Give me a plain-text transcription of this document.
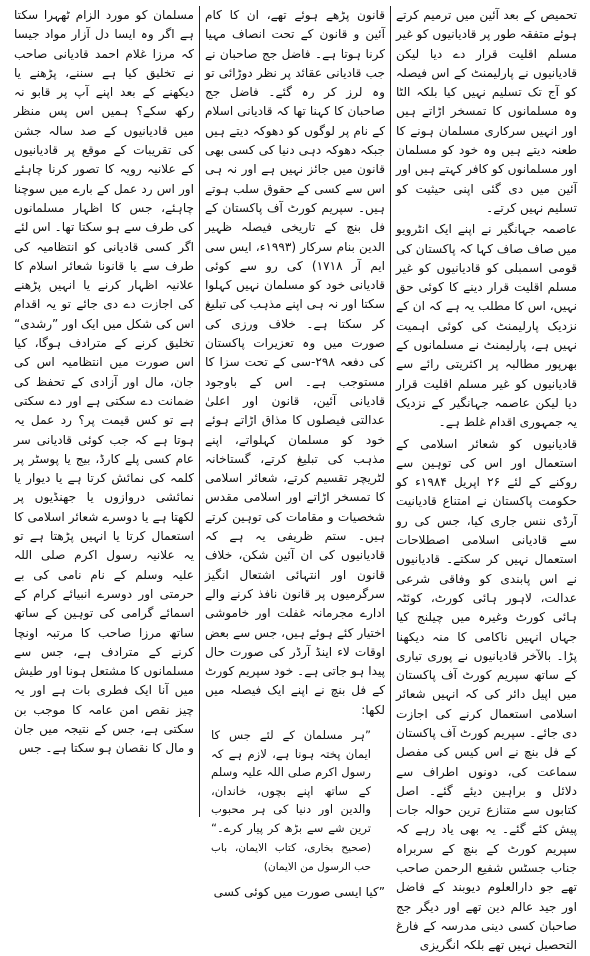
تحمیص کے بعد آئین میں ترمیم کرتے ہوئے متفقہ طور پر قادیانیوں کو غیر مسلم اقلیت قرار دے دیا لیکن قادیانیوں نے پارلیمنٹ کے اس فیصلہ کو آج تک تسلیم نہیں کیا بلکہ الٹا وہ مسلمانوں کا تمسخر اڑاتے ہیں اور انہیں سرکاری مسلمان ہونے کا طعنہ دیتے ہیں وہ خود کو مسلمان اور مسلمانوں کو کافر کہتے ہیں اور آئین میں دی گئی اپنی حیثیت کو تسلیم نہیں کرتے۔

عاصمہ جہانگیر نے اپنے ایک انٹرویو میں صاف صاف کہا کہ پاکستان کی قومی اسمبلی کو قادیانیوں کو غیر مسلم اقلیت قرار دینے کا کوئی حق نہیں، اس کا مطلب یہ ہے کہ ان کے نزدیک پارلیمنٹ کی کوئی اہمیت نہیں ہے، پارلیمنٹ نے مسلمانوں کے بھرپور مطالبہ پر اکثریتی رائے سے قادیانیوں کو غیر مسلم اقلیت قرار دیا لیکن عاصمہ جہانگیر کے نزدیک یہ جمہوری اقدام غلط ہے۔

قادیانیوں کو شعائر اسلامی کے استعمال اور اس کی توہین سے روکنے کے لئے ۲۶ اپریل ۱۹۸۴ء کو حکومت پاکستان نے امتناع قادیانیت آرڈی ننس جاری کیا، جس کی رو سے قادیانی اسلامی اصطلاحات استعمال نہیں کر سکتے۔ قادیانیوں نے اس پابندی کو وفاقی شرعی عدالت، لاہور ہائی کورٹ، کوئٹہ ہائی کورٹ وغیرہ میں چیلنج کیا جہاں انہیں ناکامی کا منہ دیکھنا پڑا۔ بالآخر قادیانیوں نے پوری تیاری کے ساتھ سپریم کورٹ آف پاکستان میں اپیل دائر کی کہ انہیں شعائر اسلامی استعمال کرنے کی اجازت دی جائے۔ سپریم کورٹ آف پاکستان کے فل بنچ نے اس کیس کی مفصل سماعت کی، دونوں اطراف سے دلائل و براہین دیئے گئے۔ اصل کتابوں سے متنازع ترین حوالہ جات پیش کئے گئے۔ یہ بھی یاد رہے کہ سپریم کورٹ کے بنچ کے سربراہ جناب جسٹس شفیع الرحمن صاحب تھے جو دارالعلوم دیوبند کے فاضل اور جید عالم دین تھے اور دیگر جج صاحبان کسی دینی مدرسہ کے فارغ التحصیل نہیں تھے بلکہ انگریزی

قانون پڑھے ہوئے تھے، ان کا کام آئین و قانون کے تحت انصاف مہیا کرنا ہوتا ہے۔ فاضل جج صاحبان نے جب قادیانی عقائد پر نظر دوڑائی تو وہ لرز کر رہ گئے۔ فاضل جج صاحبان کا کہنا تھا کہ قادیانی اسلام کے نام پر لوگوں کو دھوکہ دیتے ہیں جبکہ دھوکہ دہی دنیا کی کسی بھی قانون میں جائز نہیں ہے اور نہ ہی اس سے کسی کے حقوق سلب ہوتے ہیں۔ سپریم کورٹ آف پاکستان کے فل بنچ کے تاریخی فیصلہ ظہیر الدین بنام سرکار (۱۹۹۳ء، ایس سی ایم آر ۱۷۱۸) کی رو سے کوئی قادیانی خود کو مسلمان نہیں کہلوا سکتا اور نہ ہی اپنے مذہب کی تبلیغ کر سکتا ہے۔ خلاف ورزی کی صورت میں وہ تعزیرات پاکستان کی دفعہ ۲۹۸-سی کے تحت سزا کا مستوجب ہے۔ اس کے باوجود قادیانی آئین، قانون اور اعلیٰ عدالتی فیصلوں کا مذاق اڑاتے ہوئے خود کو مسلمان کہلواتے، اپنے مذہب کی تبلیغ کرتے، گستاخانہ لٹریچر تقسیم کرتے، شعائر اسلامی کا تمسخر اڑاتے اور اسلامی مقدس شخصیات و مقامات کی توہین کرتے ہیں۔ ستم ظریفی یہ ہے کہ قادیانیوں کی ان آئین شکن، خلاف قانون اور انتہائی اشتعال انگیز سرگرمیوں پر قانون نافذ کرنے والے ادارے مجرمانہ غفلت اور خاموشی اختیار کئے ہوئے ہیں، جس سے بعض اوقات لاء اینڈ آرڈر کی صورت حال پیدا ہو جاتی ہے۔ خود سپریم کورٹ کے فل بنچ نے اپنے ایک فیصلہ میں لکھا:

”ہر مسلمان کے لئے جس کا ایمان پختہ ہونا ہے، لازم ہے کہ رسول اکرم صلی اللہ علیہ وسلم کے ساتھ اپنے بچوں، خاندان، والدین اور دنیا کی ہر محبوب ترین شے سے بڑھ کر پیار کرے۔“ (صحیح بخاری، کتاب الایمان، باب حب الرسول من الایمان)

”کیا ایسی صورت میں کوئی کسی

مسلمان کو مورد الزام ٹھہرا سکتا ہے اگر وہ ایسا دل آزار مواد جیسا کہ مرزا غلام احمد قادیانی صاحب نے تخلیق کیا ہے سننے، پڑھنے یا دیکھنے کے بعد اپنے آپ پر قابو نہ رکھ سکے؟ ہمیں اس پس منظر میں قادیانیوں کے صد سالہ جشن کی تقریبات کے موقع پر قادیانیوں کے علانیہ رویہ کا تصور کرنا چاہئے اور اس رد عمل کے بارے میں سوچنا چاہئے، جس کا اظہار مسلمانوں کی طرف سے ہو سکتا تھا۔ اس لئے اگر کسی قادیانی کو انتظامیہ کی طرف سے یا قانونا شعائر اسلام کا علانیہ اظہار کرنے یا انہیں پڑھنے کی اجازت دے دی جائے تو یہ اقدام اس کی شکل میں ایک اور ”رشدی“ تخلیق کرنے کے مترادف ہوگا، کیا اس صورت میں انتظامیہ اس کی جان، مال اور آزادی کے تحفظ کی ضمانت دے سکتی ہے اور دے سکتی ہے تو کس قیمت پر؟ رد عمل یہ ہوتا ہے کہ جب کوئی قادیانی سر عام کسی پلے کارڈ، بیج یا پوسٹر پر کلمہ کی نمائش کرتا ہے یا دیوار یا نمائشی دروازوں یا جھنڈیوں پر لکھتا ہے یا دوسرے شعائر اسلامی کا استعمال کرتا یا انہیں پڑھتا ہے تو یہ علانیہ رسول اکرم صلی اللہ علیہ وسلم کے نام نامی کی بے حرمتی اور دوسرے انبیائے کرام کے اسمائے گرامی کی توہین کے ساتھ ساتھ مرزا صاحب کا مرتبہ اونچا کرنے کے مترادف ہے، جس سے مسلمانوں کا مشتعل ہونا اور طیش میں آنا ایک فطری بات ہے اور یہ چیز نقص امن عامہ کا موجب بن سکتی ہے، جس کے نتیجہ میں جان و مال کا نقصان ہو سکتا ہے۔ جس
